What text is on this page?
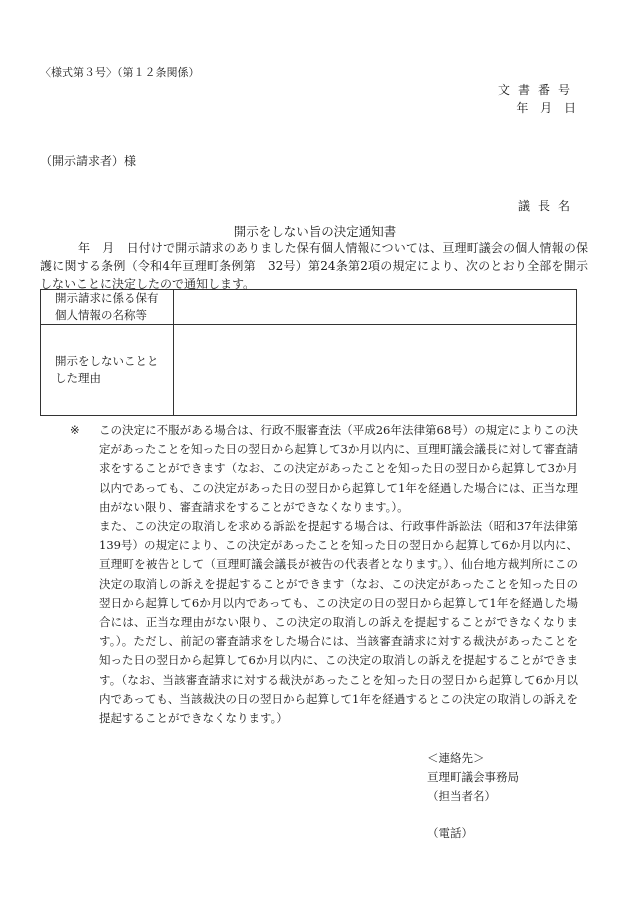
〈様式第３号〉（第１２条関係）
文書番号
年 月 日
（開示請求者）様
議長名
開示をしない旨の決定通知書
年　月　日付けで開示請求のありました保有個人情報については、亘理町議会の個人情報の保護に関する条例（令和4年亘理町条例第　32号）第24条第2項の規定により、次のとおり全部を開示しないことに決定したので通知します。
開示請求に係る保有
個人情報の名称等	

開示をしないことと
した理由	

※ この決定に不服がある場合は、行政不服審査法（平成26年法律第68号）の規定によりこの決定があったことを知った日の翌日から起算して3か月以内に、亘理町議会議長に対して審査請求をすることができます（なお、この決定があったことを知った日の翌日から起算して3か月以内であっても、この決定があった日の翌日から起算して1年を経過した場合には、正当な理由がない限り、審査請求をすることができなくなります。）。
また、この決定の取消しを求める訴訟を提起する場合は、行政事件訴訟法（昭和37年法律第139号）の規定により、この決定があったことを知った日の翌日から起算して6か月以内に、亘理町を被告として（亘理町議会議長が被告の代表者となります。）、仙台地方裁判所にこの決定の取消しの訴えを提起することができます（なお、この決定があったことを知った日の翌日から起算して6か月以内であっても、この決定の日の翌日から起算して1年を経過した場合には、正当な理由がない限り、この決定の取消しの訴えを提起することができなくなります。）。ただし、前記の審査請求をした場合には、当該審査請求に対する裁決があったことを知った日の翌日から起算して6か月以内に、この決定の取消しの訴えを提起することができます。（なお、当該審査請求に対する裁決があったことを知った日の翌日から起算して6か月以内であっても、当該裁決の日の翌日から起算して1年を経過するとこの決定の取消しの訴えを提起することができなくなります。）
＜連絡先＞
亘理町議会事務局
（担当者名）
（電話）
